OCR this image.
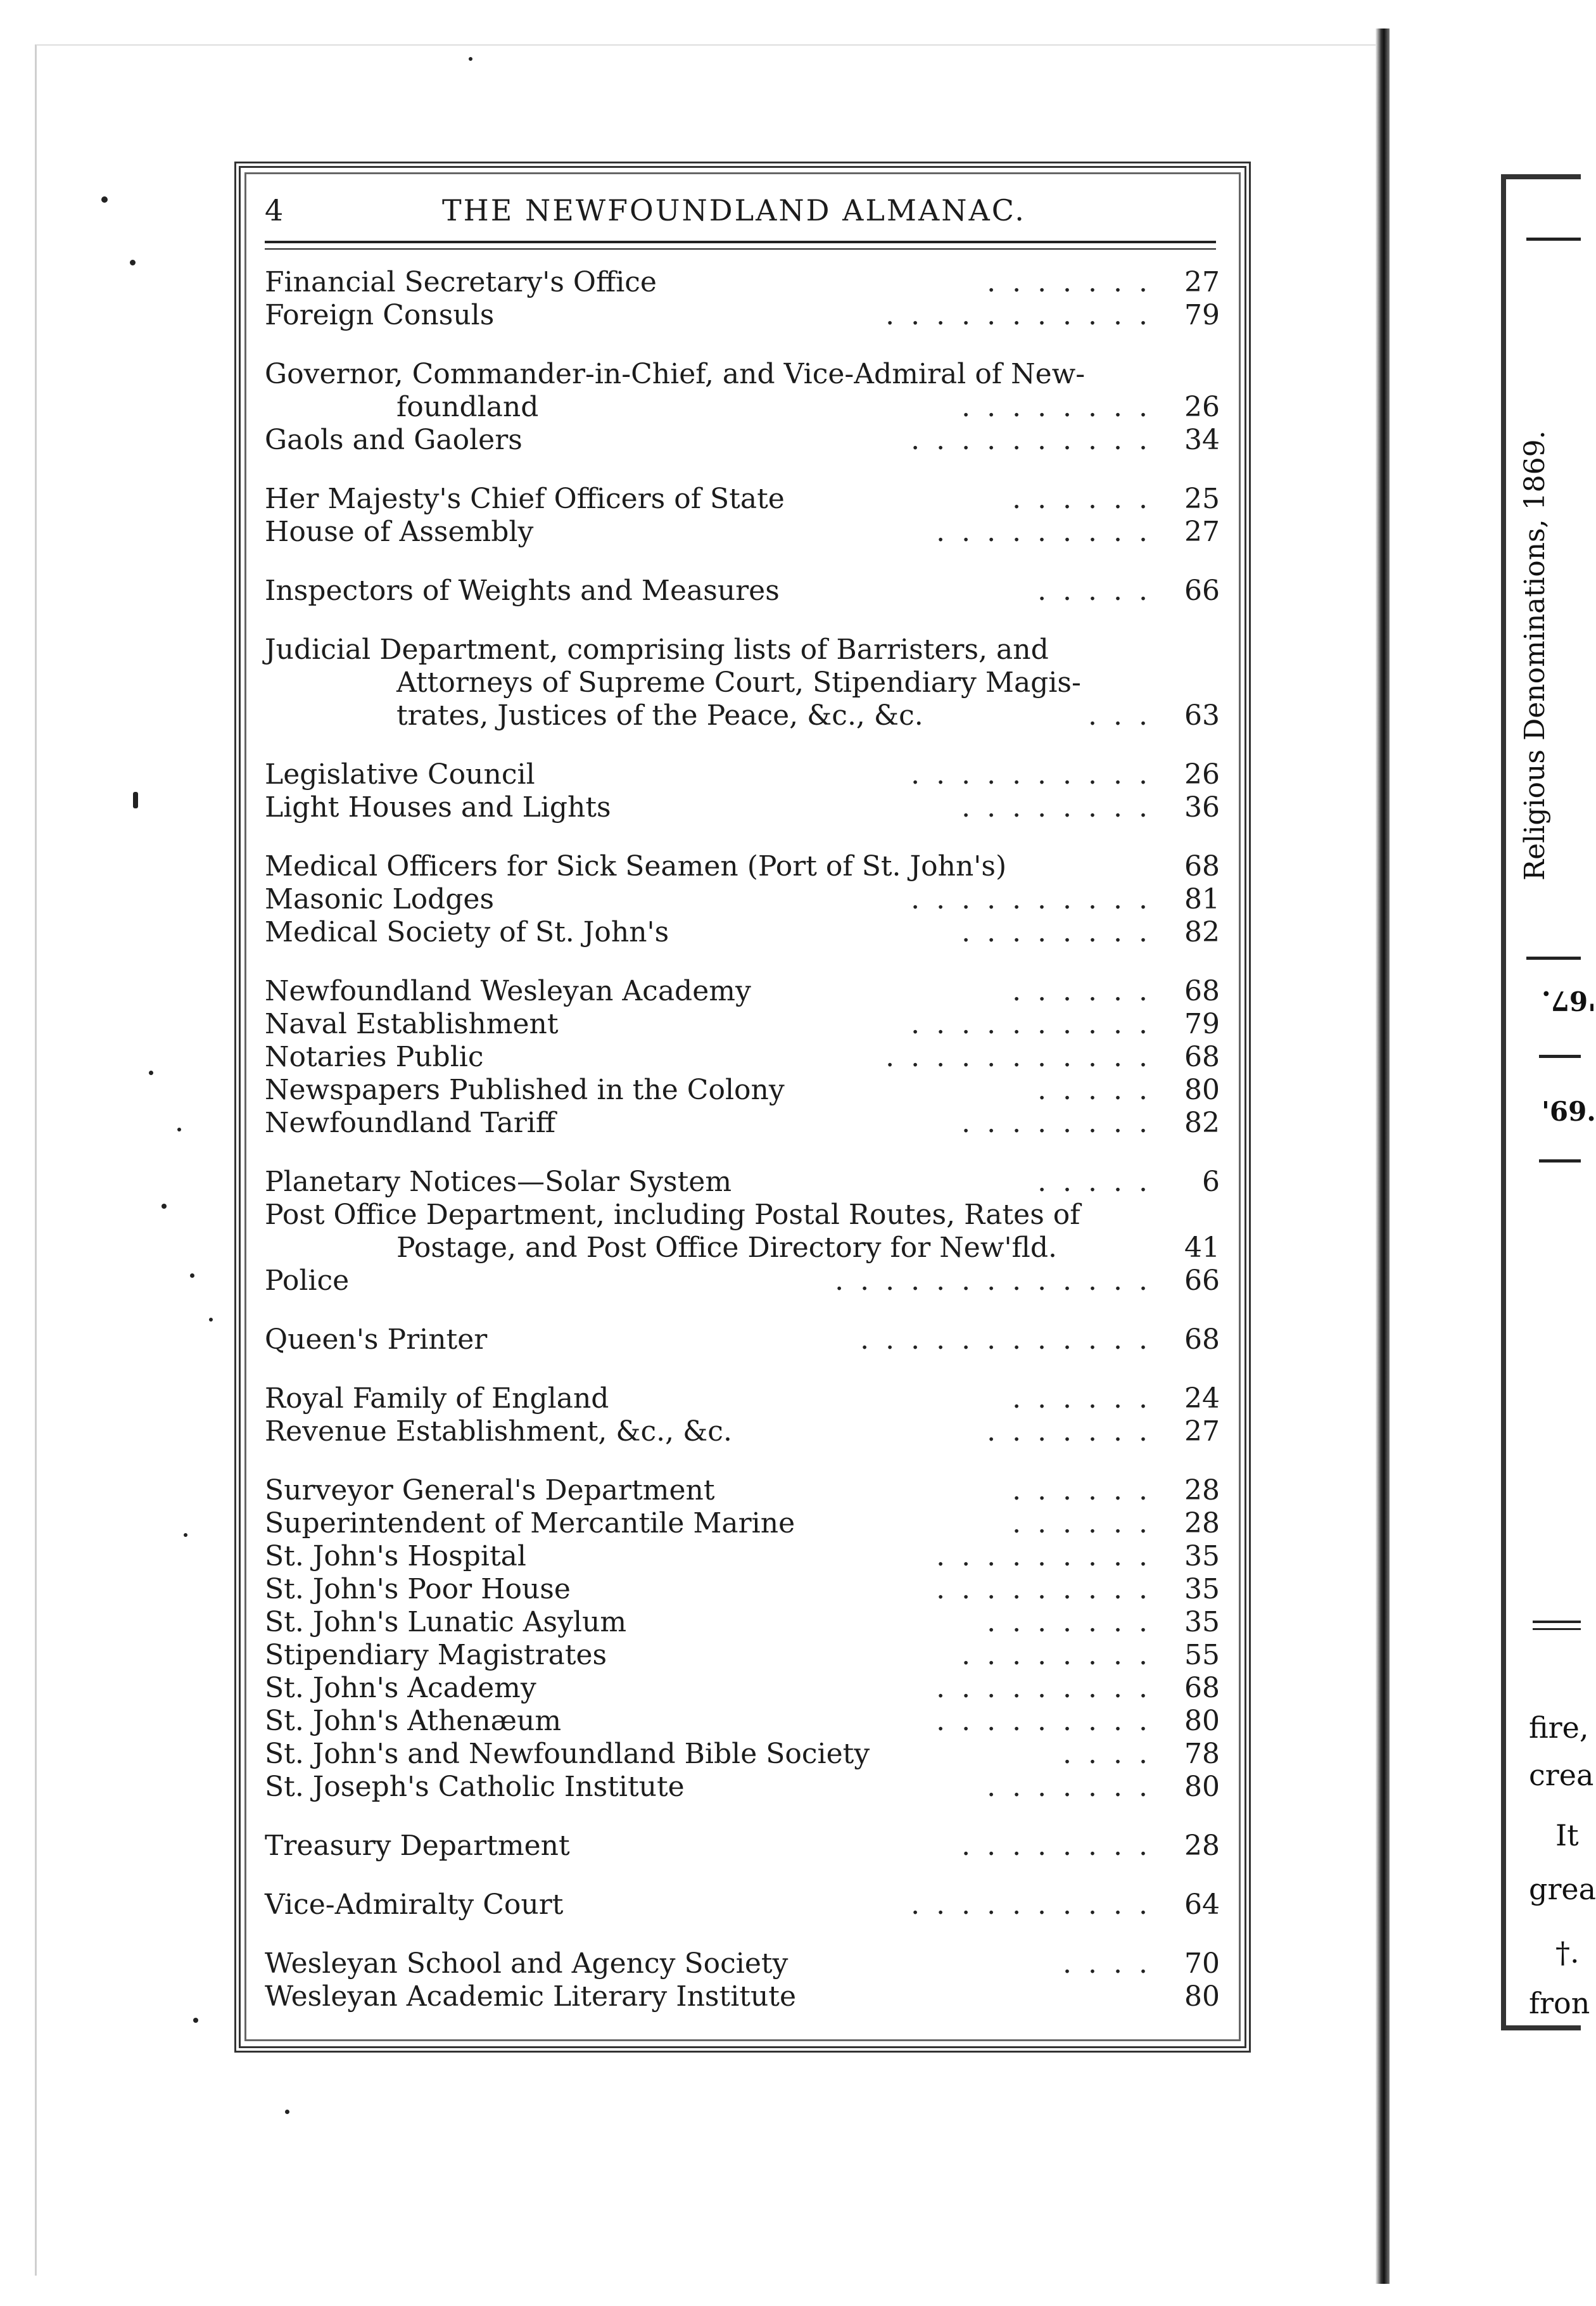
Religious Denominations, 1869.
'67.
'69.
fire,
crea
It
grea
†.
fron
4	THE NEWFOUNDLAND ALMANAC.
Financial Secretary's Office	....... 27
Foreign Consuls	........... 79
Governor, Commander-in-Chief, and Vice-Admiral of New-
foundland	........ 26
Gaols and Gaolers	.......... 34
Her Majesty's Chief Officers of State	...... 25
House of Assembly	......... 27
Inspectors of Weights and Measures	..... 66
Judicial Department, comprising lists of Barristers, and
Attorneys of Supreme Court, Stipendiary Magis-
trates, Justices of the Peace, &c., &c.	... 63
Legislative Council	.......... 26
Light Houses and Lights	........ 36
Medical Officers for Sick Seamen (Port of St. John's)	68
Masonic Lodges	.......... 81
Medical Society of St. John's	........ 82
Newfoundland Wesleyan Academy	...... 68
Naval Establishment	.......... 79
Notaries Public	........... 68
Newspapers Published in the Colony	..... 80
Newfoundland Tariff	........ 82
Planetary Notices—Solar System	.....	6
Post Office Department, including Postal Routes, Rates of
Postage, and Post Office Directory for New'fld.	41
Police	............. 66
Queen's Printer	............ 68
Royal Family of England	...... 24
Revenue Establishment, &c., &c.	....... 27
Surveyor General's Department	...... 28
Superintendent of Mercantile Marine	...... 28
St. John's Hospital	......... 35
St. John's Poor House	......... 35
St. John's Lunatic Asylum	....... 35
Stipendiary Magistrates	........ 55
St. John's Academy	......... 68
St. John's Athenæum	......... 80
St. John's and Newfoundland Bible Society	.... 78
St. Joseph's Catholic Institute	....... 80
Treasury Department	........ 28
Vice-Admiralty Court	.......... 64
Wesleyan School and Agency Society	.... 70
Wesleyan Academic Literary Institute	80
